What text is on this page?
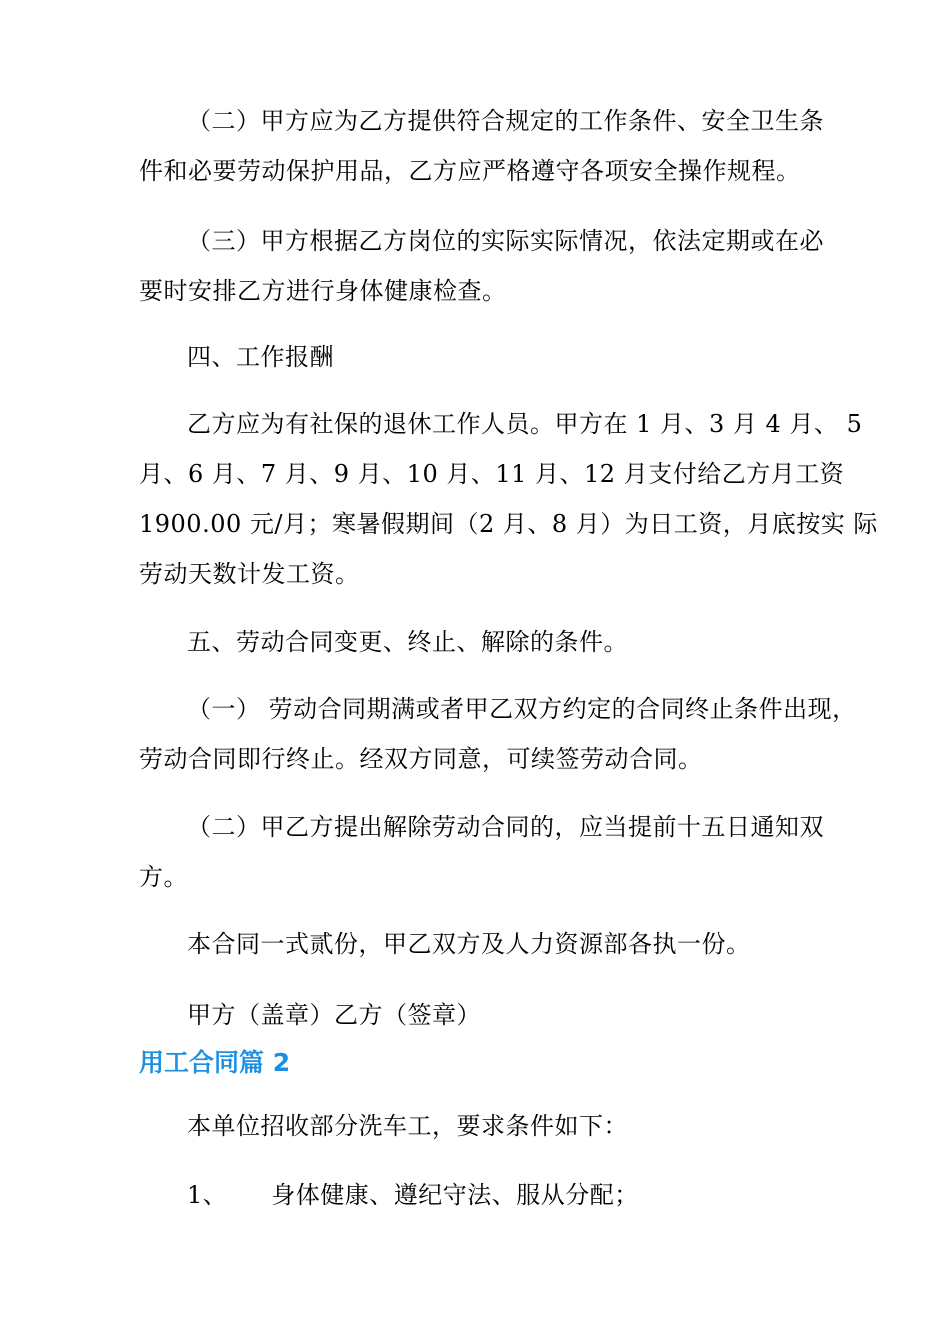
（二）甲方应为乙方提供符合规定的工作条件、安全卫生条
件和必要劳动保护用品，乙方应严格遵守各项安全操作规程。
（三）甲方根据乙方岗位的实际实际情况，依法定期或在必
要时安排乙方进行身体健康检查。
四、工作报酬
乙方应为有社保的退休工作人员。甲方在 1 月、3 月 4 月、 5
月、6 月、7 月、9 月、10 月、11 月、12 月支付给乙方月工资
1900.00 元/月；寒暑假期间（2 月、8 月）为日工资，月底按实 际
劳动天数计发工资。
五、劳动合同变更、终止、解除的条件。
（一） 劳动合同期满或者甲乙双方约定的合同终止条件出现，
劳动合同即行终止。经双方同意，可续签劳动合同。
（二）甲乙方提出解除劳动合同的，应当提前十五日通知双
方。
本合同一式贰份，甲乙双方及人力资源部各执一份。
甲方（盖章）乙方（签章）
用工合同篇 2
本单位招收部分洗车工，要求条件如下：
1、 身体健康、遵纪守法、服从分配；
